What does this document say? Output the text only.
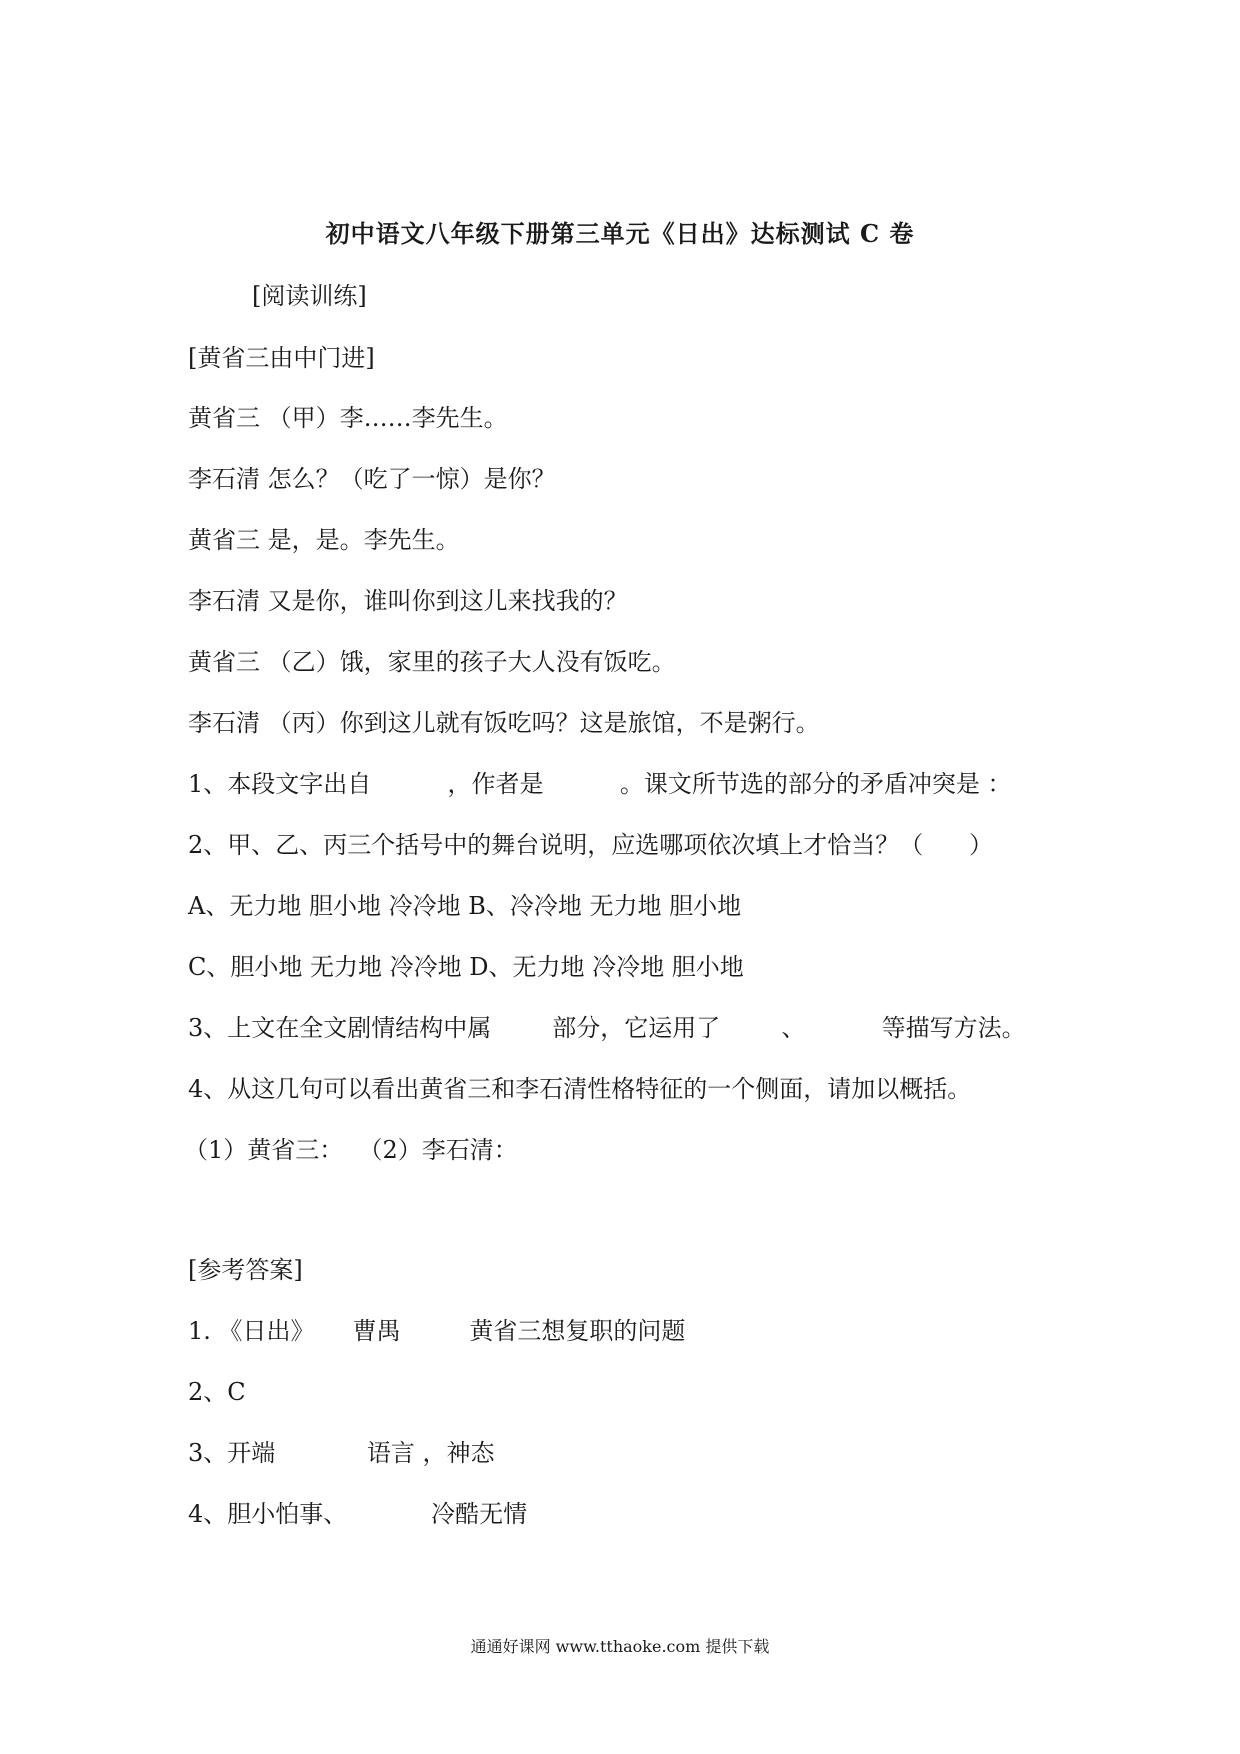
初中语文八年级下册第三单元《日出》达标测试 C 卷
[阅读训练]
[黄省三由中门进]
黄省三 （甲）李……李先生。
李石清 怎么？（吃了一惊）是你？
黄省三 是，是。李先生。
李石清 又是你，谁叫你到这儿来找我的？
黄省三 （乙）饿，家里的孩子大人没有饭吃。
李石清 （丙）你到这儿就有饭吃吗？这是旅馆，不是粥行。
1、本段文字出自          ，作者是          。课文所节选的部分的矛盾冲突是 ：
2、甲、乙、丙三个括号中的舞台说明，应选哪项依次填上才恰当？（      ）
A、无力地 胆小地 冷冷地 B、冷冷地 无力地 胆小地
C、胆小地 无力地 冷冷地 D、无力地 冷冷地 胆小地
3、上文在全文剧情结构中属        部分，它运用了        、          等描写方法。
4、从这几句可以看出黄省三和李石清性格特征的一个侧面，请加以概括。
（1）黄省三：  （2）李石清：
[参考答案]
1. 《日出》     曹禺         黄省三想复职的问题
2、C
3、开端            语言 ，神态
4、胆小怕事、           冷酷无情
通通好课网 www.tthaoke.com 提供下载
